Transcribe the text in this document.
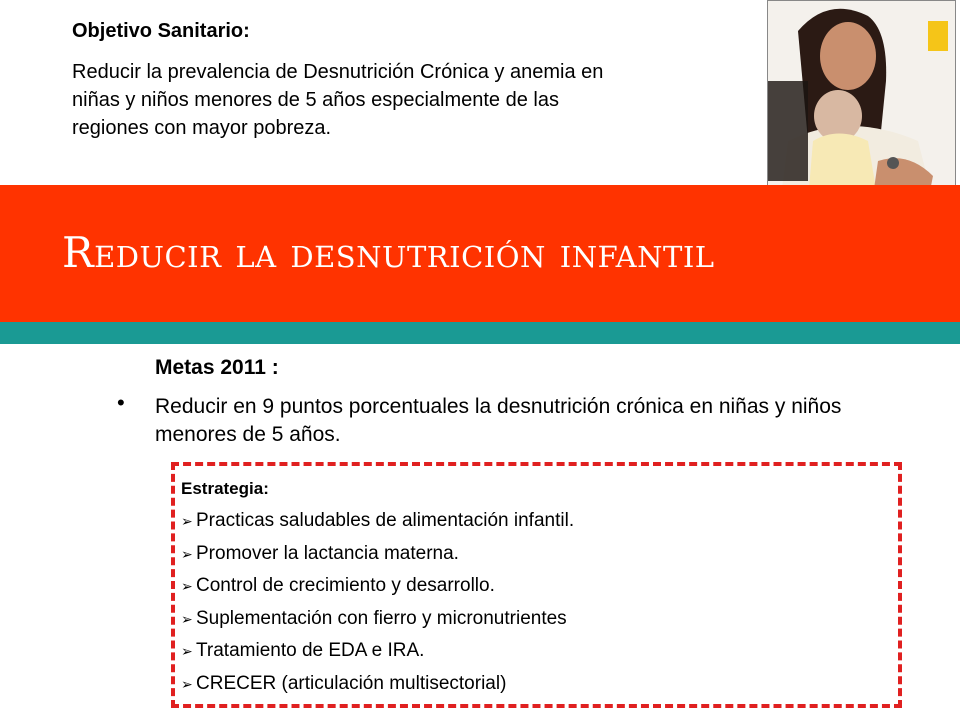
Objetivo Sanitario:

Reducir la prevalencia de Desnutrición Crónica y anemia en niñas y niños menores de 5 años especialmente de las regiones con mayor pobreza.

Reducir la desnutrición infantil
Metas 2011 :
• Reducir en 9 puntos porcentuales la desnutrición crónica en niñas y niños menores de 5 años.

Estrategia:
➢ Practicas saludables de alimentación infantil.
➢ Promover la lactancia materna.
➢ Control de crecimiento y desarrollo.
➢ Suplementación con fierro y micronutrientes
➢ Tratamiento de EDA e IRA.
➢ CRECER (articulación multisectorial)
